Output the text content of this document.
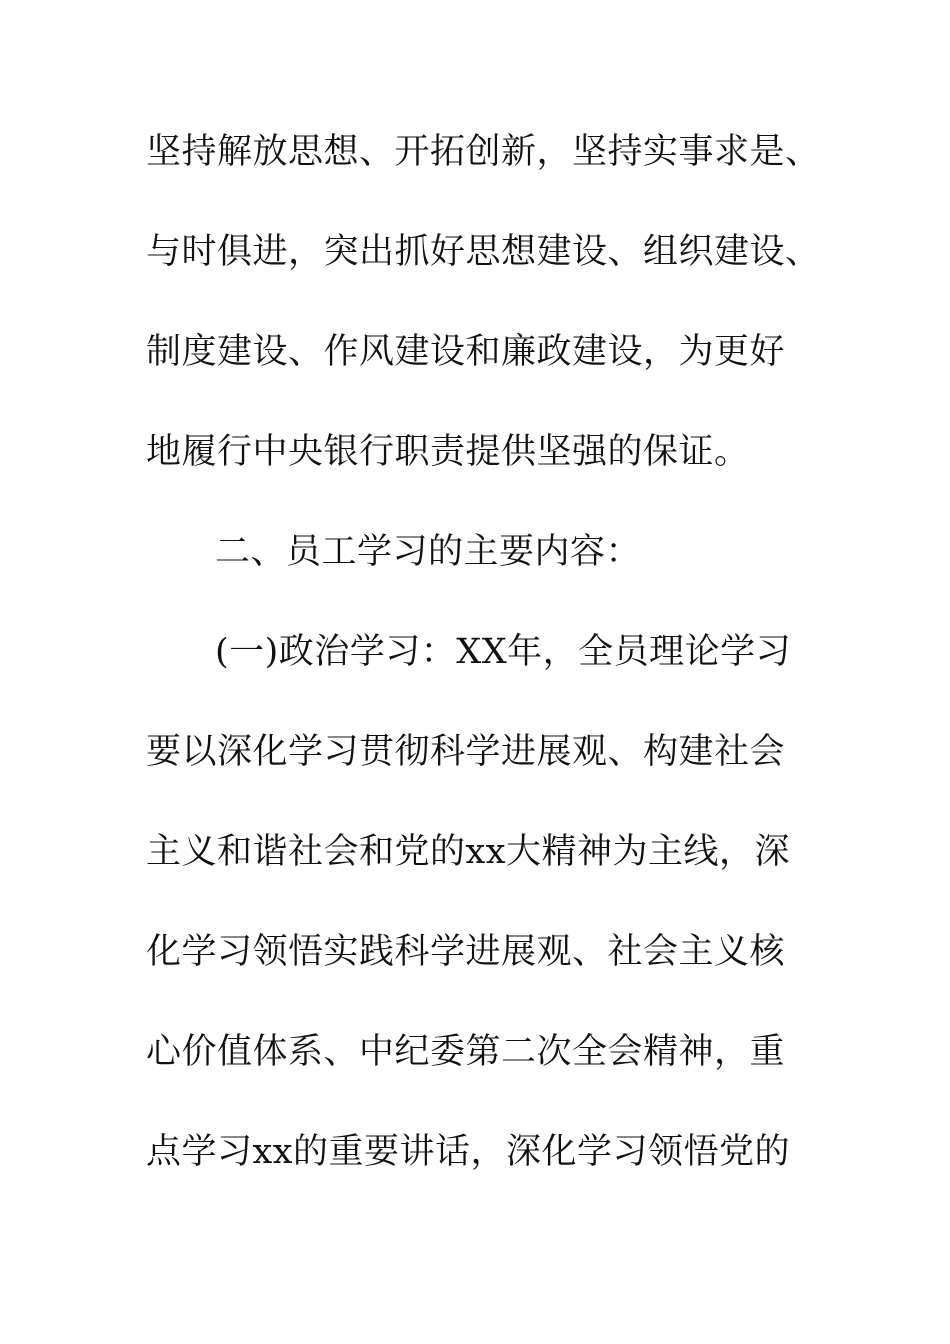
坚持解放思想、开拓创新，坚持实事求是、
与时俱进，突出抓好思想建设、组织建设、
制度建设、作风建设和廉政建设，为更好
地履行中央银行职责提供坚强的保证。
二、员工学习的主要内容：
(一)政治学习：XX年，全员理论学习
要以深化学习贯彻科学进展观、构建社会
主义和谐社会和党的xx大精神为主线，深
化学习领悟实践科学进展观、社会主义核
心价值体系、中纪委第二次全会精神，重
点学习xx的重要讲话，深化学习领悟党的
